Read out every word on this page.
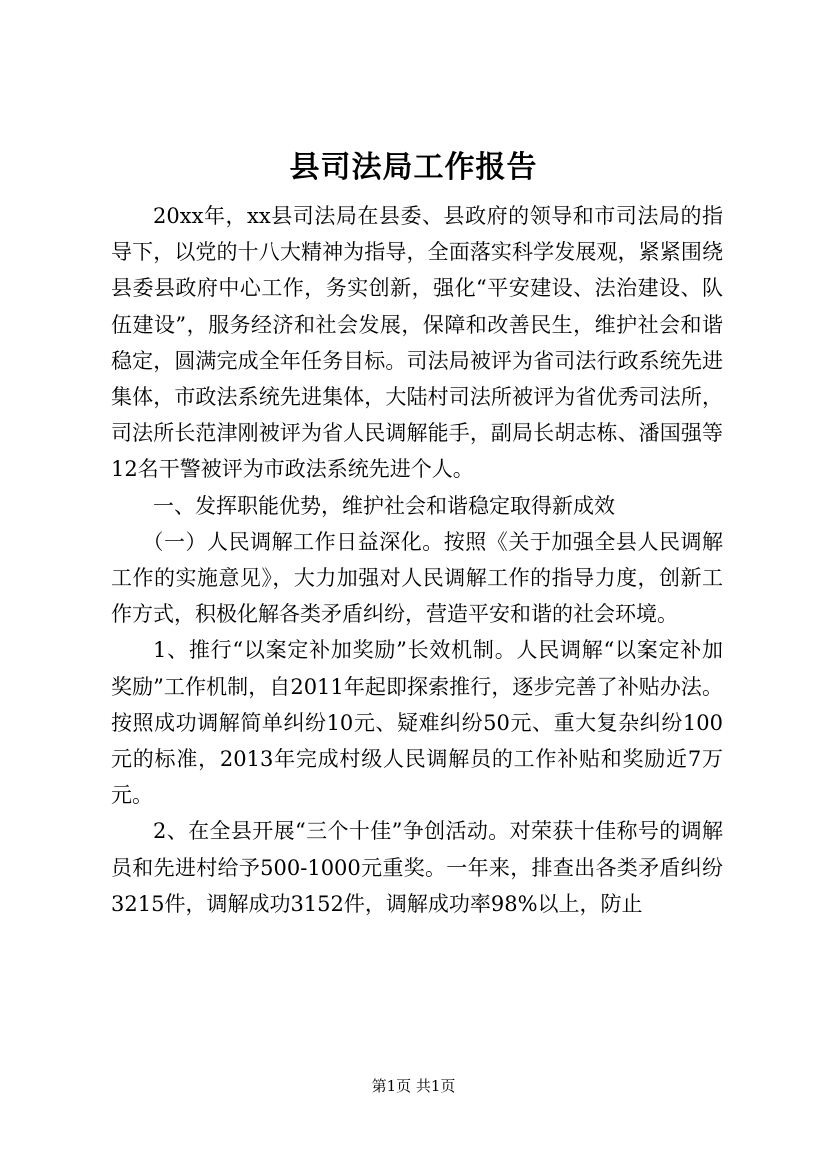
县司法局工作报告

20xx年，xx县司法局在县委、县政府的领导和市司法局的指导下，以党的十八大精神为指导，全面落实科学发展观，紧紧围绕县委县政府中心工作，务实创新，强化“平安建设、法治建设、队伍建设”，服务经济和社会发展，保障和改善民生，维护社会和谐稳定，圆满完成全年任务目标。司法局被评为省司法行政系统先进集体，市政法系统先进集体，大陆村司法所被评为省优秀司法所，司法所长范津刚被评为省人民调解能手，副局长胡志栋、潘国强等12名干警被评为市政法系统先进个人。

一、发挥职能优势，维护社会和谐稳定取得新成效

（一）人民调解工作日益深化。按照《关于加强全县人民调解工作的实施意见》，大力加强对人民调解工作的指导力度，创新工作方式，积极化解各类矛盾纠纷，营造平安和谐的社会环境。

1、推行“以案定补加奖励”长效机制。人民调解“以案定补加奖励”工作机制，自2011年起即探索推行，逐步完善了补贴办法。按照成功调解简单纠纷10元、疑难纠纷50元、重大复杂纠纷100元的标准，2013年完成村级人民调解员的工作补贴和奖励近7万元。

2、在全县开展“三个十佳”争创活动。对荣获十佳称号的调解员和先进村给予500-1000元重奖。一年来，排查出各类矛盾纠纷3215件，调解成功3152件，调解成功率98%以上，防止

第1页 共1页
